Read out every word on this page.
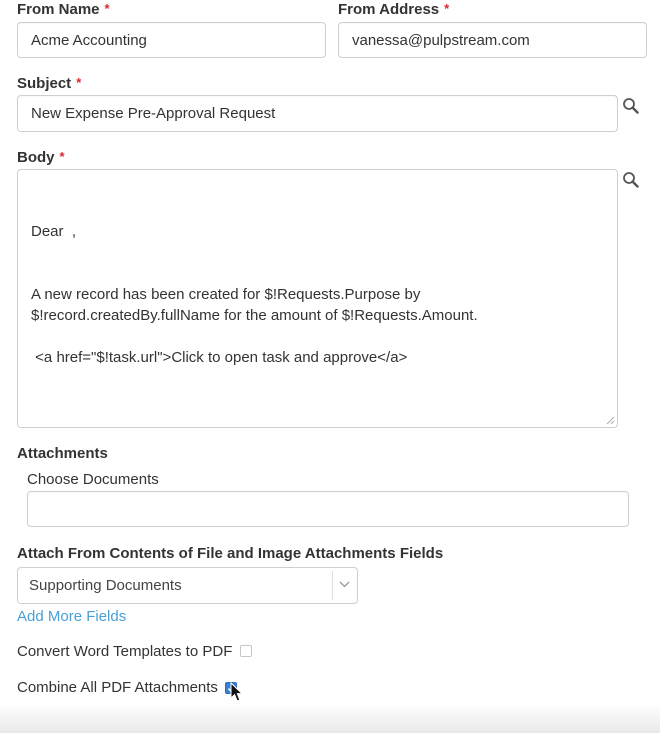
From Name *
Acme Accounting
From Address *
vanessa@pulpstream.com
Subject *
New Expense Pre-Approval Request
Body *

Dear  ,

A new record has been created for $!Requests.Purpose by
$!record.createdBy.fullName for the amount of $!Requests.Amount.

<a href="$!task.url">Click to open task and approve</a>

Attachments
Choose Documents
Attach From Contents of File and Image Attachments Fields
Supporting Documents
Add More Fields
Convert Word Templates to PDF
Combine All PDF Attachments
